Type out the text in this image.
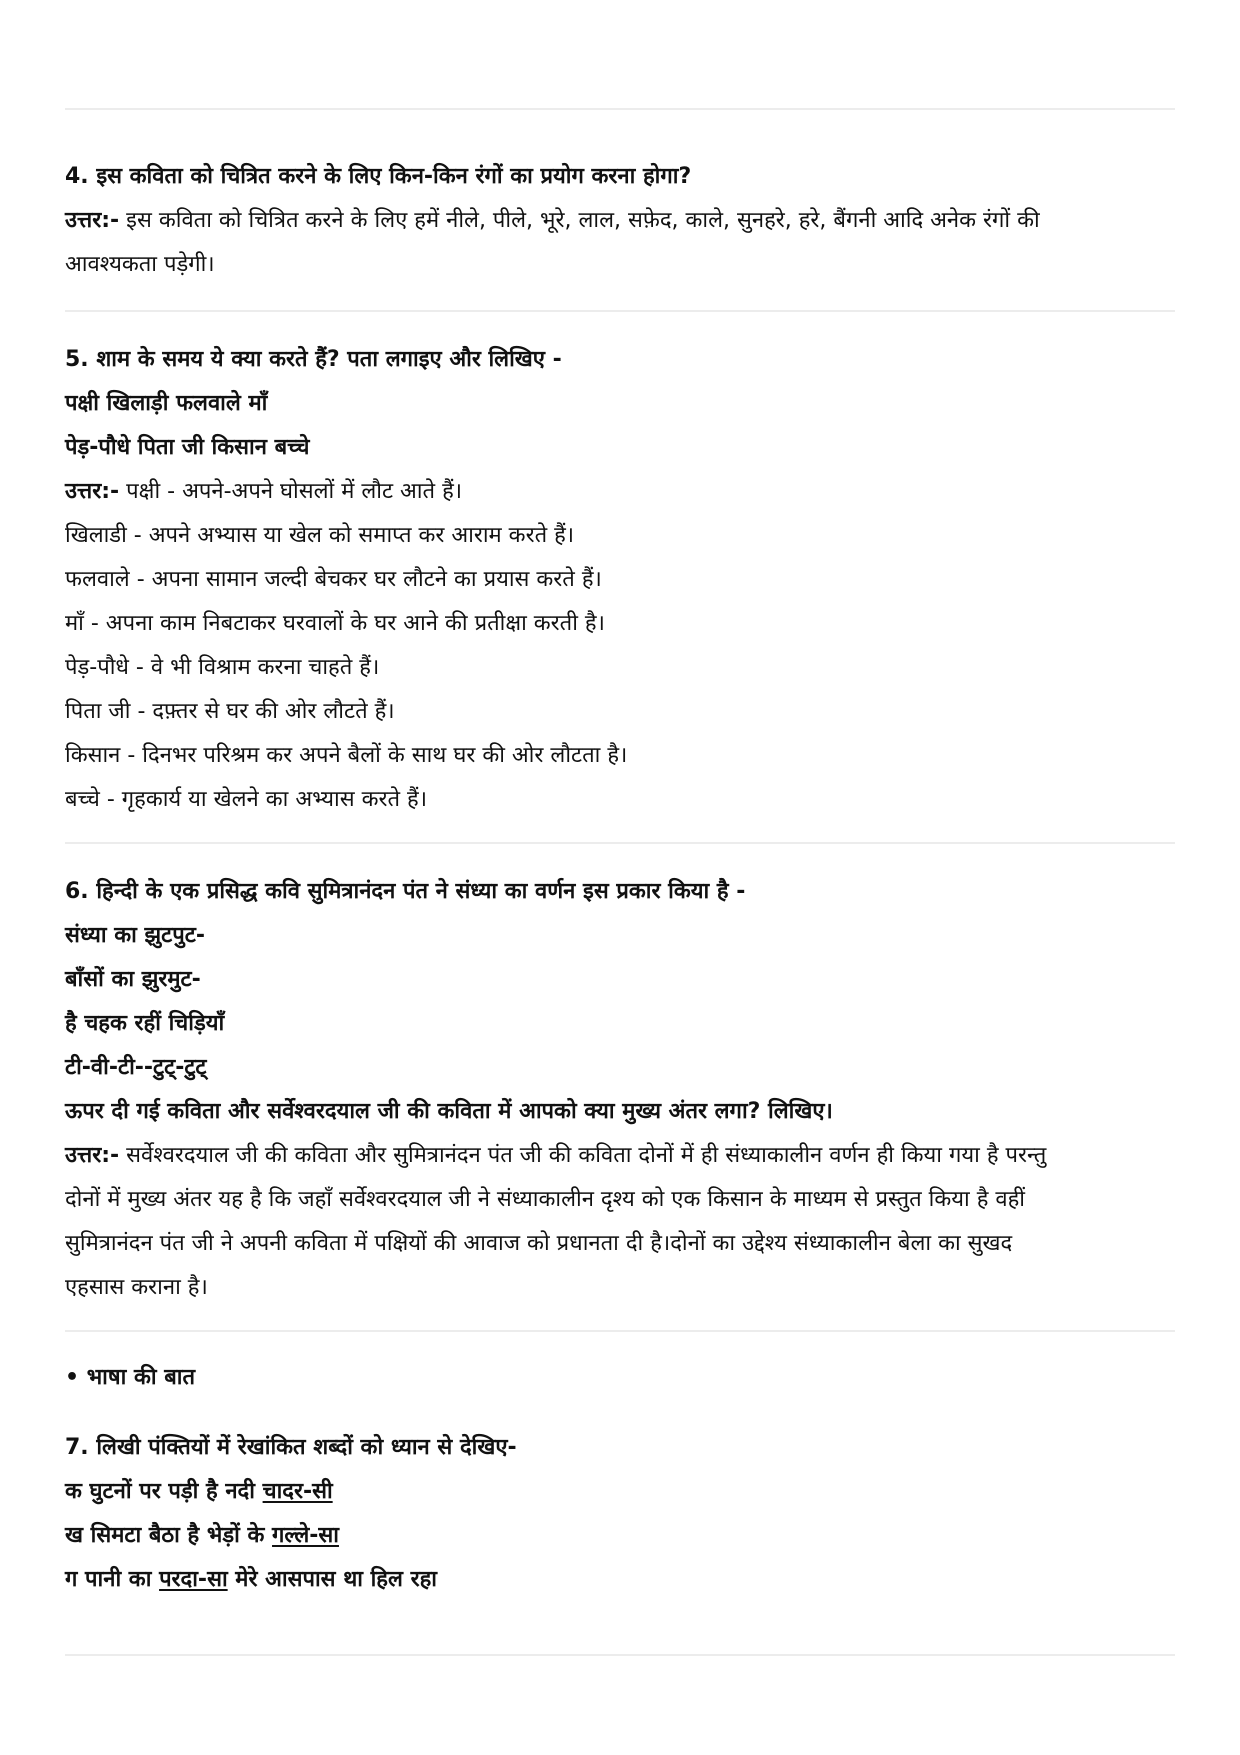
4. इस कविता को चित्रित करने के लिए किन-किन रंगों का प्रयोग करना होगा?
उत्तर:- इस कविता को चित्रित करने के लिए हमें नीले, पीले, भूरे, लाल, सफ़ेद, काले, सुनहरे, हरे, बैंगनी आदि अनेक रंगों की
आवश्यकता पड़ेगी।
5. शाम के समय ये क्या करते हैं? पता लगाइए और लिखिए -
पक्षी खिलाड़ी फलवाले माँ
पेड़-पौधे पिता जी किसान बच्चे
उत्तर:- पक्षी - अपने-अपने घोसलों में लौट आते हैं।
खिलाडी - अपने अभ्यास या खेल को समाप्त कर आराम करते हैं।
फलवाले - अपना सामान जल्दी बेचकर घर लौटने का प्रयास करते हैं।
माँ - अपना काम निबटाकर घरवालों के घर आने की प्रतीक्षा करती है।
पेड़-पौधे - वे भी विश्राम करना चाहते हैं।
पिता जी - दफ़्तर से घर की ओर लौटते हैं।
किसान - दिनभर परिश्रम कर अपने बैलों के साथ घर की ओर लौटता है।
बच्चे - गृहकार्य या खेलने का अभ्यास करते हैं।
6. हिन्दी के एक प्रसिद्ध कवि सुमित्रानंदन पंत ने संध्या का वर्णन इस प्रकार किया है -
संध्या का झुटपुट-
बाँसों का झुरमुट-
है चहक रहीं चिड़ियाँ
टी-वी-टी--टुट्-टुट्
ऊपर दी गई कविता और सर्वेश्वरदयाल जी की कविता में आपको क्या मुख्य अंतर लगा? लिखिए।
उत्तर:- सर्वेश्वरदयाल जी की कविता और सुमित्रानंदन पंत जी की कविता दोनों में ही संध्याकालीन वर्णन ही किया गया है परन्तु
दोनों में मुख्य अंतर यह है कि जहाँ सर्वेश्वरदयाल जी ने संध्याकालीन दृश्य को एक किसान के माध्यम से प्रस्तुत किया है वहीं
सुमित्रानंदन पंत जी ने अपनी कविता में पक्षियों की आवाज को प्रधानता दी है।दोनों का उद्देश्य संध्याकालीन बेला का सुखद
एहसास कराना है।
• भाषा की बात
7. लिखी पंक्तियों में रेखांकित शब्दों को ध्यान से देखिए-
क घुटनों पर पड़ी है नदी चादर-सी
ख सिमटा बैठा है भेड़ों के गल्ले-सा
ग पानी का परदा-सा मेरे आसपास था हिल रहा
